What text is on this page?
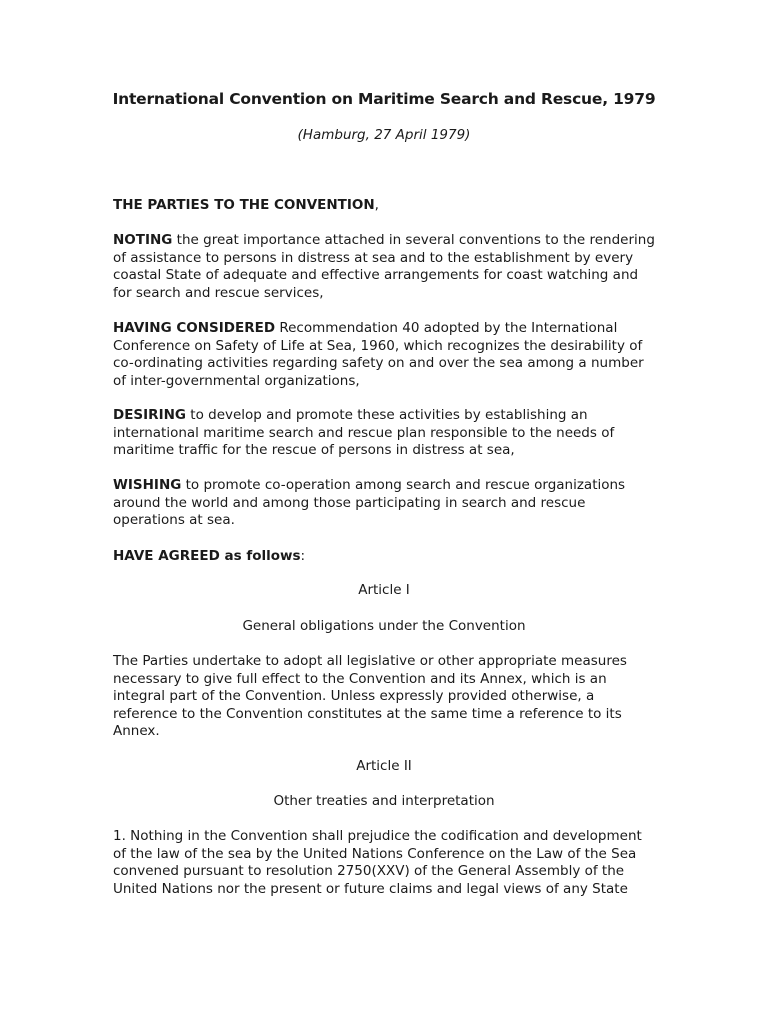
International Convention on Maritime Search and Rescue, 1979
(Hamburg, 27 April 1979)
THE PARTIES TO THE CONVENTION,
NOTING the great importance attached in several conventions to the rendering of assistance to persons in distress at sea and to the establishment by every coastal State of adequate and effective arrangements for coast watching and for search and rescue services,
HAVING CONSIDERED Recommendation 40 adopted by the International Conference on Safety of Life at Sea, 1960, which recognizes the desirability of co-ordinating activities regarding safety on and over the sea among a number of inter-governmental organizations,
DESIRING to develop and promote these activities by establishing an international maritime search and rescue plan responsible to the needs of maritime traffic for the rescue of persons in distress at sea,
WISHING to promote co-operation among search and rescue organizations around the world and among those participating in search and rescue operations at sea.
HAVE AGREED as follows:
Article I
General obligations under the Convention
The Parties undertake to adopt all legislative or other appropriate measures necessary to give full effect to the Convention and its Annex, which is an integral part of the Convention. Unless expressly provided otherwise, a reference to the Convention constitutes at the same time a reference to its Annex.
Article II
Other treaties and interpretation
1. Nothing in the Convention shall prejudice the codification and development of the law of the sea by the United Nations Conference on the Law of the Sea convened pursuant to resolution 2750(XXV) of the General Assembly of the United Nations nor the present or future claims and legal views of any State
